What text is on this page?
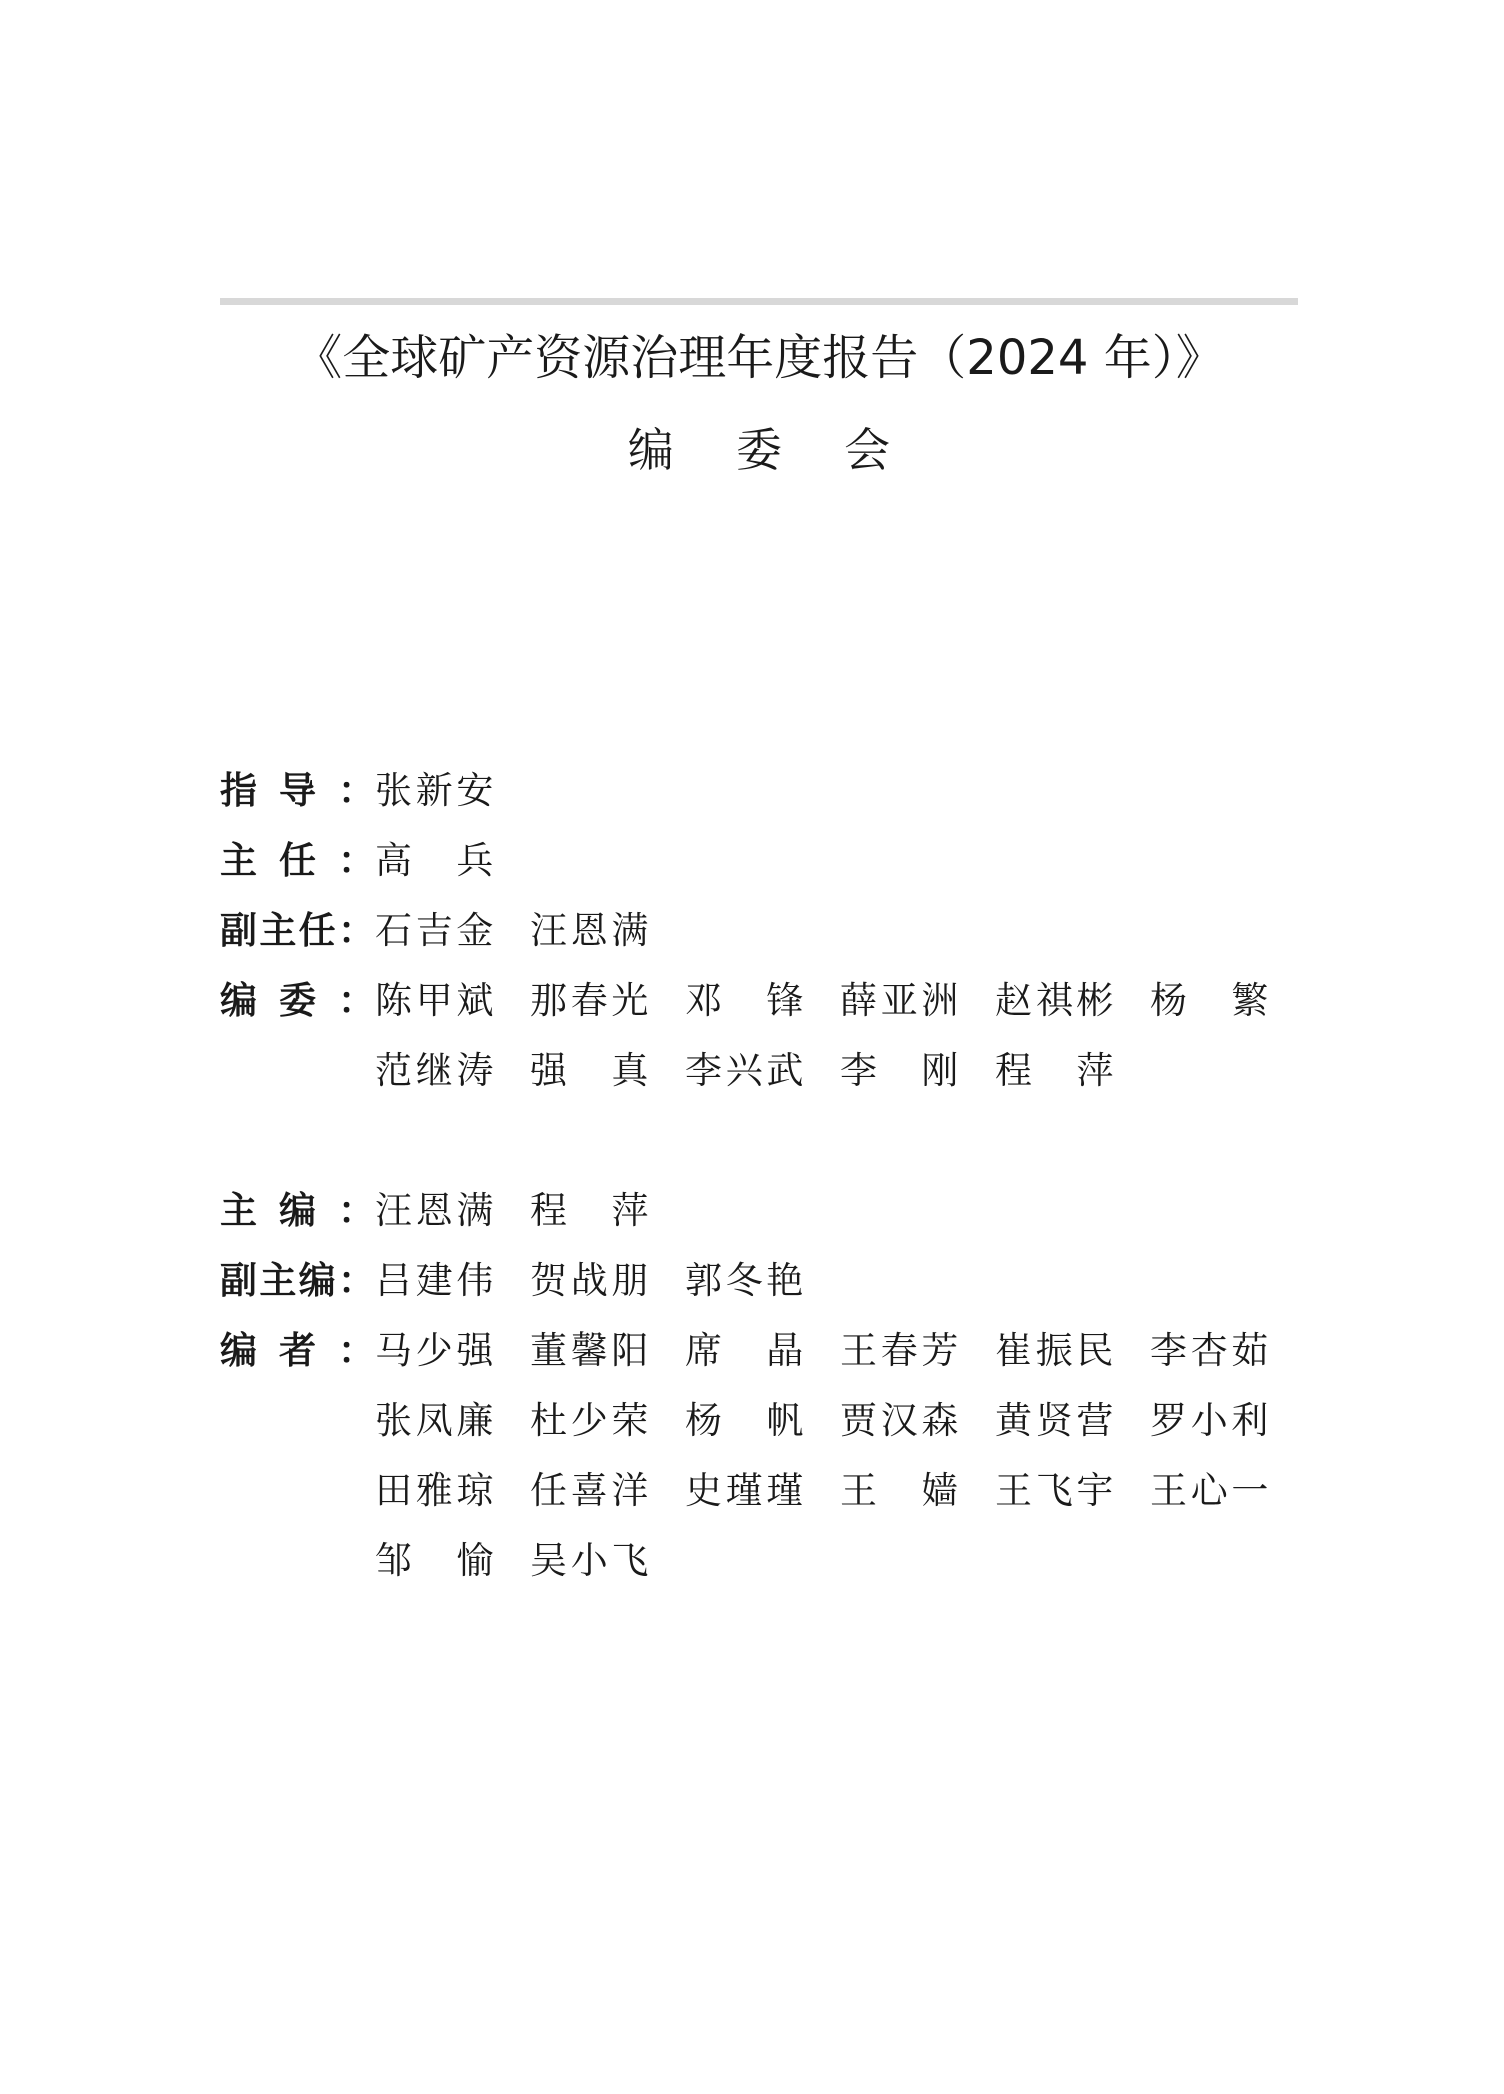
《全球矿产资源治理年度报告（2024 年）》
编委会
指 导 ： 张新安
主 任 ： 高　兵
副 主 任 ： 石吉金 汪恩满
编 委 ： 陈甲斌 那春光 邓　锋 薛亚洲 赵祺彬 杨　繁
范继涛 强　真 李兴武 李　刚 程　萍
主 编 ： 汪恩满 程　萍
副 主 编 ： 吕建伟 贺战朋 郭冬艳
编 者 ： 马少强 董馨阳 席　晶 王春芳 崔振民 李杏茹
张凤廉 杜少荣 杨　帆 贾汉森 黄贤营 罗小利
田雅琼 任喜洋 史瑾瑾 王　嫱 王飞宇 王心一
邹　愉 吴小飞
